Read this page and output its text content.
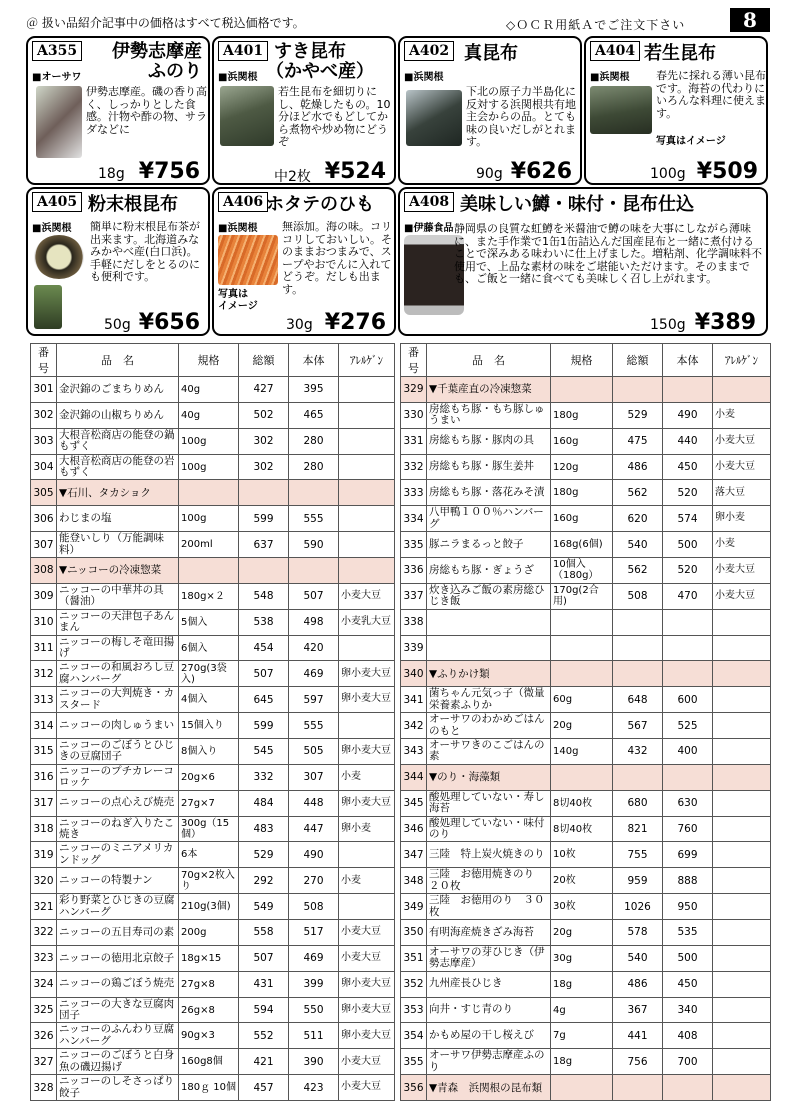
＠ 扱い品紹介記事中の価格はすべて税込価格です。	◇ＯＣＲ用紙Ａでご注文下さい	8
A355 伊勢志摩産
ふのり
■オーサワ
伊勢志摩産。磯の香り高く、しっかりとした食感。汁物や酢の物、サラダなどに
18g ¥756
A401 すき昆布
（かやべ産）
■浜関根
若生昆布を細切りにし、乾燥したもの。10分ほど水でもどしてから煮物や炒め物にどうぞ
中2枚 ¥524
A402 真昆布
■浜関根
下北の原子力半島化に反対する浜関根共有地主会からの品。とても味の良いだしがとれます。
90g ¥626
A404 若生昆布
■浜関根 春先に採れる薄い昆布です。海苔の代わりにいろんな料理に使えます。
写真はイメージ
100g ¥509
A405 粉末根昆布
■浜関根 簡単に粉末根昆布茶が出来ます。北海道みなみかやべ産(白口浜)。手軽にだしをとるのにも便利です。
50g ¥656
A406 ホタテのひも
■浜関根
写真は
イメージ
無添加。海の味。コリコリしておいしい。そのままおつまみで、スープやおでんに入れてどうぞ。だしも出ます。
30g ¥276
A408 美味しい鱒・味付・昆布仕込
■伊藤食品 静岡県の良質な虹鱒を米醤油で鱒の味を大事にしながら薄味に、また手作業で1缶1缶詰込んだ国産昆布と一緒に煮付けることで深みある味わいに仕上げました。増粘剤、化学調味料不使用で、上品な素材の味をご堪能いただけます。そのままでも、ご飯と一緒に食べても美味しく召し上がれます。
150g ¥389
番号	品　名	規格	総額	本体	ｱﾚﾙｹﾞﾝ
301	金沢錦のごまちりめん	40g	427	395	
302	金沢錦の山椒ちりめん	40g	502	465	
303	大根音松商店の能登の鍋もずく	100g	302	280	
304	大根音松商店の能登の岩もずく	100g	302	280	
305	▼石川、タカショク				
306	わじまの塩	100g	599	555	
307	能登いしり（万能調味料）	200ml	637	590	
308	▼ニッコーの冷凍惣菜				
309	ニッコーの中華丼の具（醤油）	180g×２	548	507	小麦大豆
310	ニッコーの天津包子あんまん	5個入	538	498	小麦乳大豆
311	ニッコーの梅しそ竜田揚げ	6個入	454	420	
312	ニッコーの和風おろし豆腐ハンバーグ	270g(3袋入)	507	469	卵小麦大豆
313	ニッコーの大判焼き・カスタード	4個入	645	597	卵小麦大豆
314	ニッコーの肉しゅうまい	15個入り	599	555	
315	ニッコーのごぼうとひじきの豆腐団子	8個入り	545	505	卵小麦大豆
316	ニッコーのプチカレーコロッケ	20g×6	332	307	小麦
317	ニッコーの点心えび焼売	27g×7	484	448	卵小麦大豆
318	ニッコーのねぎ入りたこ焼き	300g（15個）	483	447	卵小麦
319	ニッコーのミニアメリカンドッグ	6本	529	490	
320	ニッコーの特製ナン	70g×2枚入り	292	270	小麦
321	彩り野菜とひじきの豆腐ハンバーグ	210g(3個)	549	508	
322	ニッコーの五目寿司の素	200g	558	517	小麦大豆
323	ニッコーの徳用北京餃子	18g×15	507	469	小麦大豆
324	ニッコーの鶏ごぼう焼売	27g×8	431	399	卵小麦大豆
325	ニッコーの大きな豆腐肉団子	26g×8	594	550	卵小麦大豆
326	ニッコーのふんわり豆腐ハンバーグ	90g×3	552	511	卵小麦大豆
327	ニッコーのごぼうと白身魚の磯辺揚げ	160g8個	421	390	小麦大豆
328	ニッコーのしそさっぱり餃子	180ｇ 10個	457	423	小麦大豆
番号	品　名	規格	総額	本体	ｱﾚﾙｹﾞﾝ
329	▼千葉産直の冷凍惣菜				
330	房総もち豚・もち豚しゅうまい	180g	529	490	小麦
331	房総もち豚・豚肉の具	160g	475	440	小麦大豆
332	房総もち豚・豚生姜丼	120g	486	450	小麦大豆
333	房総もち豚・落花みそ漬	180g	562	520	落大豆
334	八甲鴨１００％ハンバーグ	160g	620	574	卵小麦
335	豚ニラまるっと餃子	168g(6個)	540	500	小麦
336	房総もち豚・ぎょうざ	10個入（180g）	562	520	小麦大豆
337	炊き込みご飯の素房総ひじき飯	170g(2合用)	508	470	小麦大豆
338					
339					
340	▼ふりかけ類				
341	菌ちゃん元気っ子（微量栄養素ふりか	60g	648	600	
342	オーサワのわかめごはんのもと	20g	567	525	
343	オーサワきのこごはんの素	140g	432	400	
344	▼のり・海藻類				
345	酸処理していない・寿し海苔	8切40枚	680	630	
346	酸処理していない・味付のり	8切40枚	821	760	
347	三陸　特上炭火焼きのり	10枚	755	699	
348	三陸　お徳用焼きのり　２０枚	20枚	959	888	
349	三陸　お徳用のり　３０枚	30枚	1026	950	
350	有明海産焼きざみ海苔	20g	578	535	
351	オーサワの芽ひじき（伊勢志摩産）	30g	540	500	
352	九州産長ひじき	18g	486	450	
353	向井・すじ青のり	4g	367	340	
354	かもめ屋の干し桜えび	7g	441	408	
355	オーサワ伊勢志摩産ふのり	18g	756	700	
356	▼青森　浜関根の昆布類				
